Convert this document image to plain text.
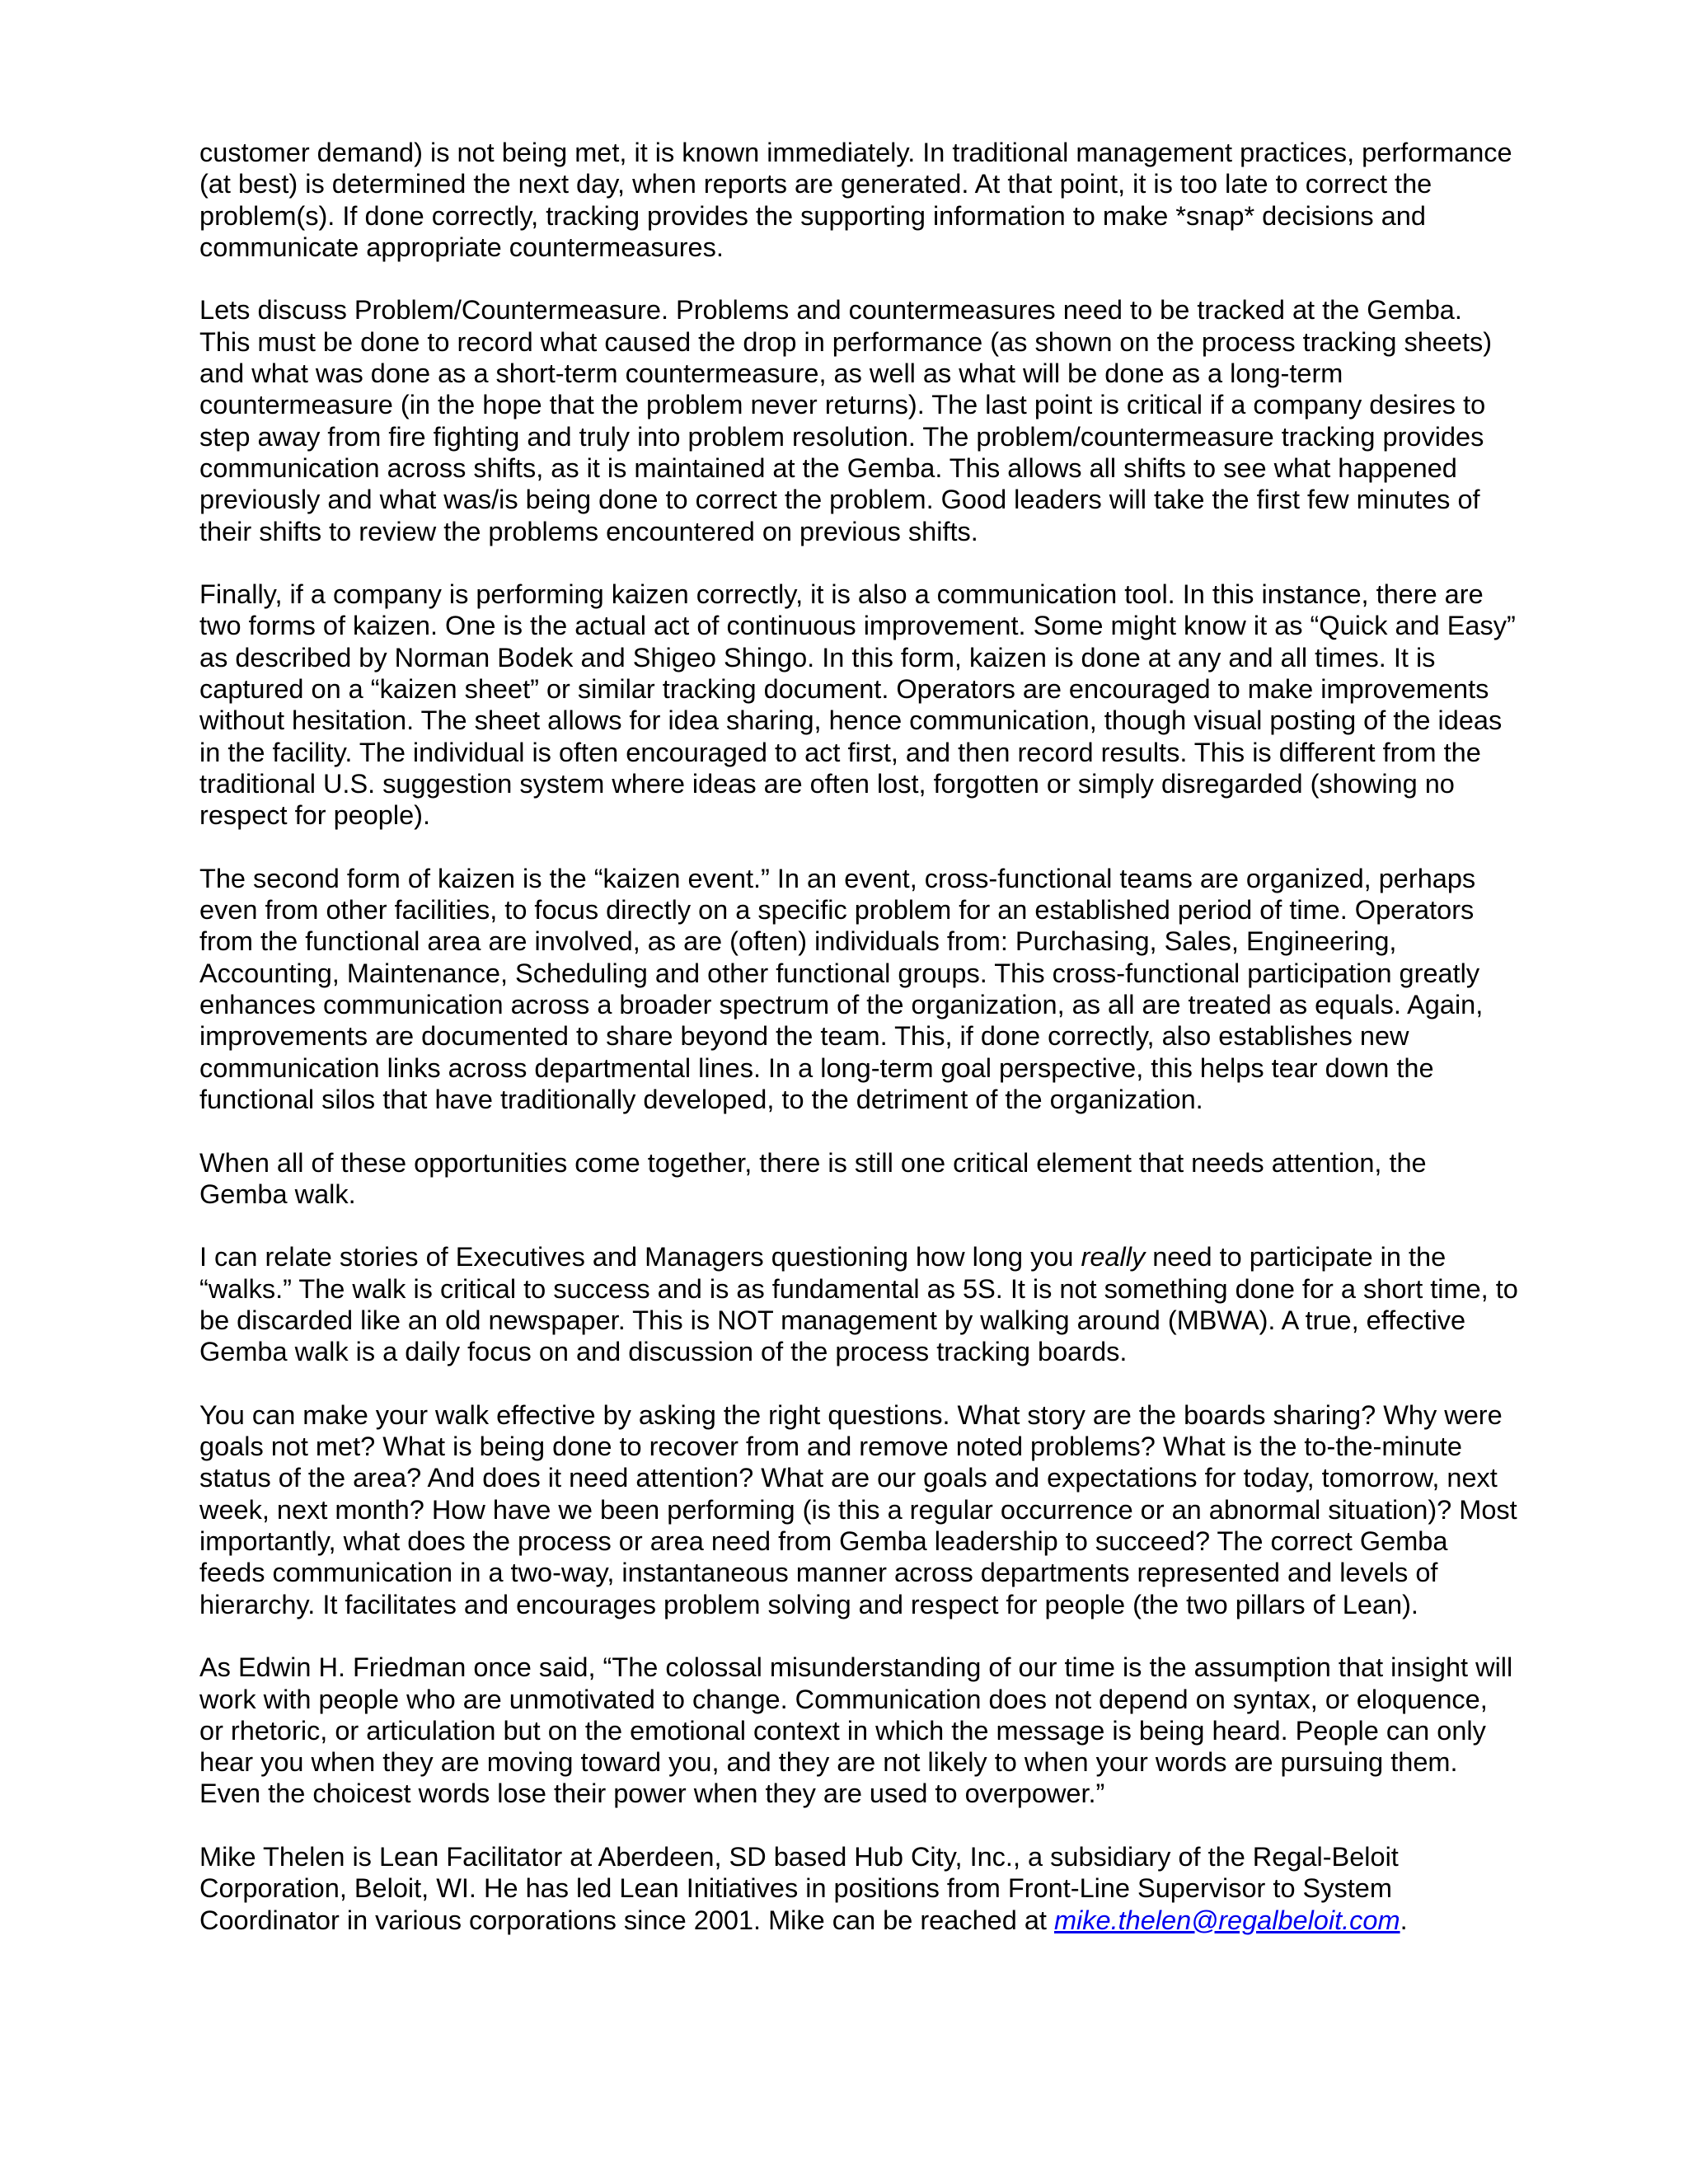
customer demand) is not being met, it is known immediately. In traditional management practices, performance (at best) is determined the next day, when reports are generated. At that point, it is too late to correct the problem(s). If done correctly, tracking provides the supporting information to make *snap* decisions and communicate appropriate countermeasures.

Lets discuss Problem/Countermeasure. Problems and countermeasures need to be tracked at the Gemba. This must be done to record what caused the drop in performance (as shown on the process tracking sheets) and what was done as a short-term countermeasure, as well as what will be done as a long-term countermeasure (in the hope that the problem never returns). The last point is critical if a company desires to step away from fire fighting and truly into problem resolution. The problem/countermeasure tracking provides communication across shifts, as it is maintained at the Gemba. This allows all shifts to see what happened previously and what was/is being done to correct the problem. Good leaders will take the first few minutes of their shifts to review the problems encountered on previous shifts.

Finally, if a company is performing kaizen correctly, it is also a communication tool. In this instance, there are two forms of kaizen. One is the actual act of continuous improvement. Some might know it as “Quick and Easy” as described by Norman Bodek and Shigeo Shingo. In this form, kaizen is done at any and all times. It is captured on a “kaizen sheet” or similar tracking document. Operators are encouraged to make improvements without hesitation. The sheet allows for idea sharing, hence communication, though visual posting of the ideas in the facility. The individual is often encouraged to act first, and then record results. This is different from the traditional U.S. suggestion system where ideas are often lost, forgotten or simply disregarded (showing no respect for people).

The second form of kaizen is the “kaizen event.” In an event, cross-functional teams are organized, perhaps even from other facilities, to focus directly on a specific problem for an established period of time. Operators from the functional area are involved, as are (often) individuals from: Purchasing, Sales, Engineering, Accounting, Maintenance, Scheduling and other functional groups. This cross-functional participation greatly enhances communication across a broader spectrum of the organization, as all are treated as equals. Again, improvements are documented to share beyond the team. This, if done correctly, also establishes new communication links across departmental lines. In a long-term goal perspective, this helps tear down the functional silos that have traditionally developed, to the detriment of the organization.

When all of these opportunities come together, there is still one critical element that needs attention, the Gemba walk.

I can relate stories of Executives and Managers questioning how long you really need to participate in the “walks.” The walk is critical to success and is as fundamental as 5S. It is not something done for a short time, to be discarded like an old newspaper. This is NOT management by walking around (MBWA). A true, effective Gemba walk is a daily focus on and discussion of the process tracking boards.

You can make your walk effective by asking the right questions. What story are the boards sharing? Why were goals not met? What is being done to recover from and remove noted problems? What is the to-the-minute status of the area? And does it need attention? What are our goals and expectations for today, tomorrow, next week, next month? How have we been performing (is this a regular occurrence or an abnormal situation)? Most importantly, what does the process or area need from Gemba leadership to succeed? The correct Gemba feeds communication in a two-way, instantaneous manner across departments represented and levels of hierarchy. It facilitates and encourages problem solving and respect for people (the two pillars of Lean).

As Edwin H. Friedman once said, “The colossal misunderstanding of our time is the assumption that insight will work with people who are unmotivated to change. Communication does not depend on syntax, or eloquence, or rhetoric, or articulation but on the emotional context in which the message is being heard. People can only hear you when they are moving toward you, and they are not likely to when your words are pursuing them. Even the choicest words lose their power when they are used to overpower.”

Mike Thelen is Lean Facilitator at Aberdeen, SD based Hub City, Inc., a subsidiary of the Regal-Beloit Corporation, Beloit, WI. He has led Lean Initiatives in positions from Front-Line Supervisor to System Coordinator in various corporations since 2001. Mike can be reached at mike.thelen@regalbeloit.com.
